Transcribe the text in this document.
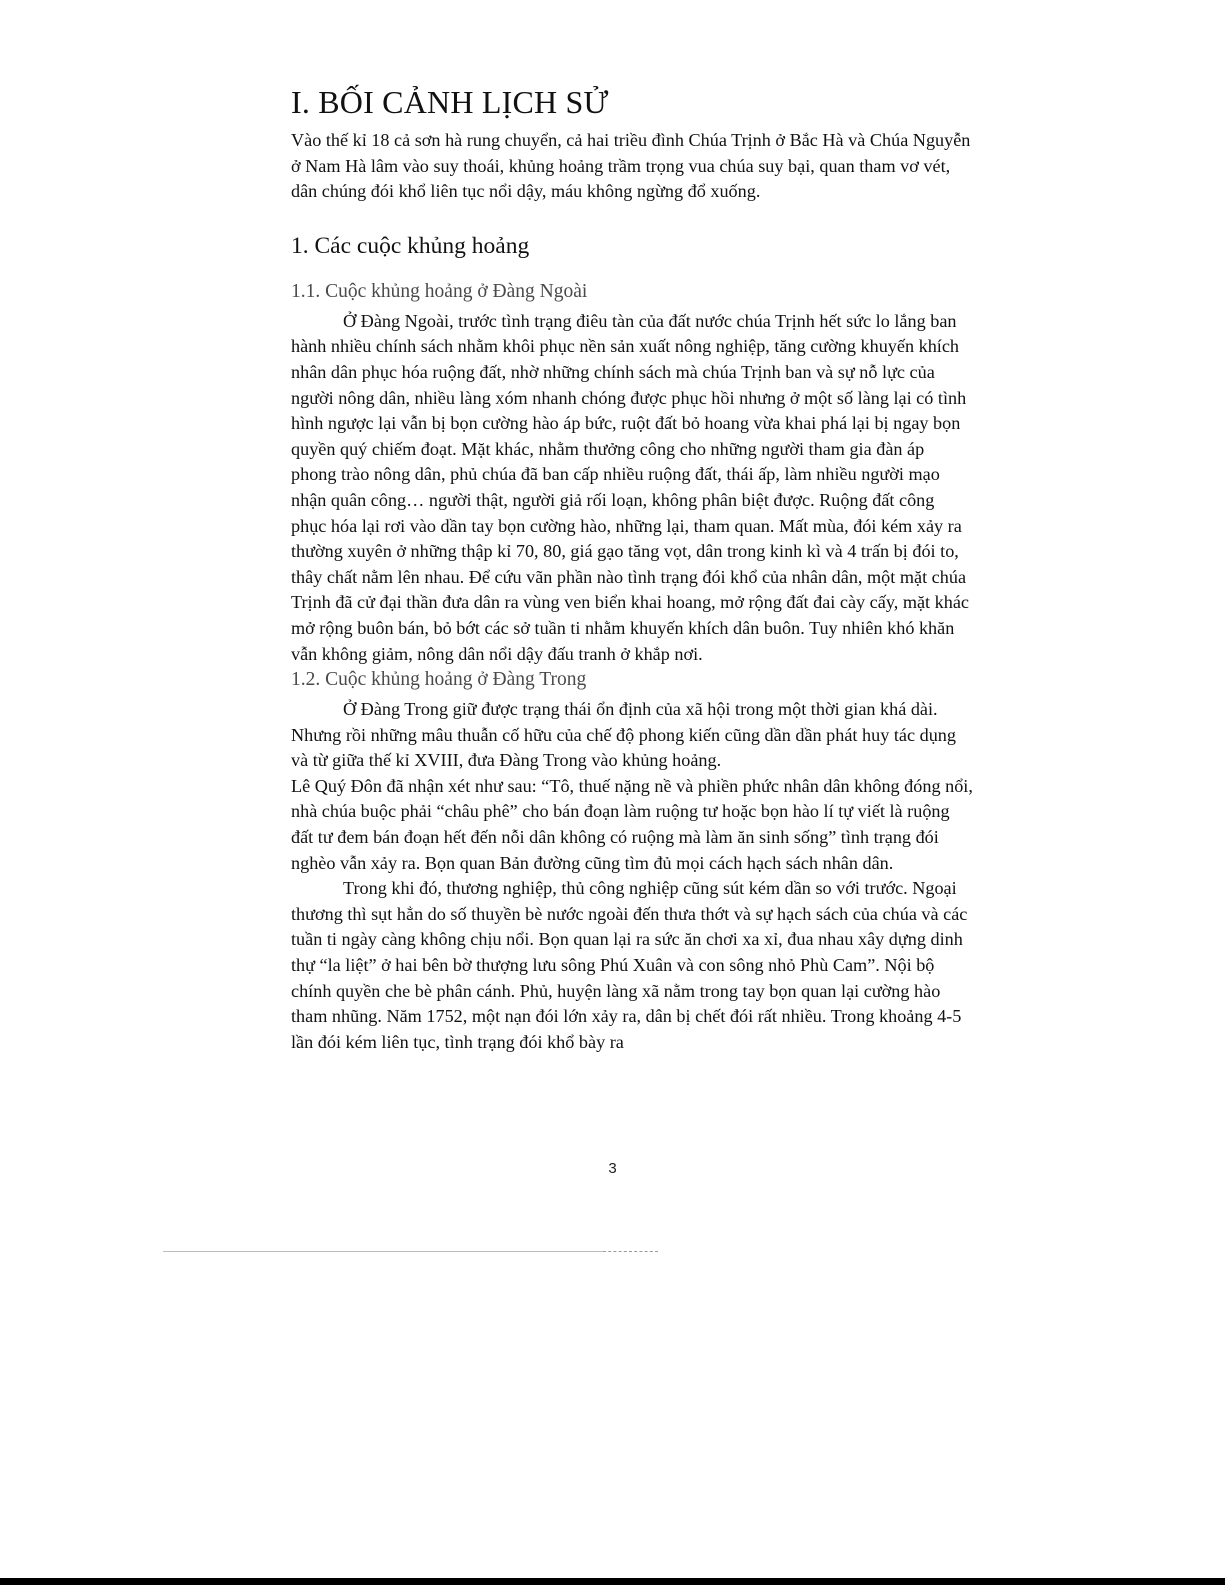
I. BỐI CẢNH LỊCH SỬ

Vào thế kỉ 18 cả sơn hà rung chuyển, cả hai triều đình Chúa Trịnh ở Bắc Hà và Chúa Nguyễn ở Nam Hà lâm vào suy thoái, khủng hoảng trầm trọng vua chúa suy bại, quan tham vơ vét, dân chúng đói khổ liên tục nổi dậy, máu không ngừng đổ xuống.

1. Các cuộc khủng hoảng
1.1. Cuộc khủng hoảng ở Đàng Ngoài

Ở Đàng Ngoài, trước tình trạng điêu tàn của đất nước chúa Trịnh hết sức lo lắng ban hành nhiều chính sách nhằm khôi phục nền sản xuất nông nghiệp, tăng cường khuyến khích nhân dân phục hóa ruộng đất, nhờ những chính sách mà chúa Trịnh ban và sự nỗ lực của người nông dân, nhiều làng xóm nhanh chóng được phục hồi nhưng ở một số làng lại có tình hình ngược lại vẫn bị bọn cường hào áp bức, ruột đất bỏ hoang vừa khai phá lại bị ngay bọn quyền quý chiếm đoạt. Mặt khác, nhằm thưởng công cho những người tham gia đàn áp phong trào nông dân, phủ chúa đã ban cấp nhiều ruộng đất, thái ấp, làm nhiều người mạo nhận quân công… người thật, người giả rối loạn, không phân biệt được. Ruộng đất công phục hóa lại rơi vào dần tay bọn cường hào, những lại, tham quan. Mất mùa, đói kém xảy ra thường xuyên ở những thập kỉ 70, 80, giá gạo tăng vọt, dân trong kinh kì và 4 trấn bị đói to, thây chất nằm lên nhau. Để cứu vãn phần nào tình trạng đói khổ của nhân dân, một mặt chúa Trịnh đã cử đại thần đưa dân ra vùng ven biển khai hoang, mở rộng đất đai cày cấy, mặt khác mở rộng buôn bán, bỏ bớt các sở tuần ti nhằm khuyến khích dân buôn. Tuy nhiên khó khăn vẫn không giảm, nông dân nổi dậy đấu tranh ở khắp nơi.

1.2. Cuộc khủng hoảng ở Đàng Trong

Ở Đàng Trong giữ được trạng thái ổn định của xã hội trong một thời gian khá dài. Nhưng rồi những mâu thuẫn cố hữu của chế độ phong kiến cũng dần dần phát huy tác dụng và từ giữa thế kỉ XVIII, đưa Đàng Trong vào khủng hoảng.

Lê Quý Đôn đã nhận xét như sau: “Tô, thuế nặng nề và phiền phức nhân dân không đóng nổi, nhà chúa buộc phải “châu phê” cho bán đoạn làm ruộng tư hoặc bọn hào lí tự viết là ruộng đất tư đem bán đoạn hết đến nỗi dân không có ruộng mà làm ăn sinh sống” tình trạng đói nghèo vẫn xảy ra. Bọn quan Bản đường cũng tìm đủ mọi cách hạch sách nhân dân.

Trong khi đó, thương nghiệp, thủ công nghiệp cũng sút kém dần so với trước. Ngoại thương thì sụt hẳn do số thuyền bè nước ngoài đến thưa thớt và sự hạch sách của chúa và các tuần ti ngày càng không chịu nổi. Bọn quan lại ra sức ăn chơi xa xỉ, đua nhau xây dựng dinh thự “la liệt” ở hai bên bờ thượng lưu sông Phú Xuân và con sông nhỏ Phù Cam”. Nội bộ chính quyền che bè phân cánh. Phủ, huyện làng xã nằm trong tay bọn quan lại cường hào tham nhũng. Năm 1752, một nạn đói lớn xảy ra, dân bị chết đói rất nhiều. Trong khoảng 4-5 lần đói kém liên tục, tình trạng đói khổ bày ra

3
